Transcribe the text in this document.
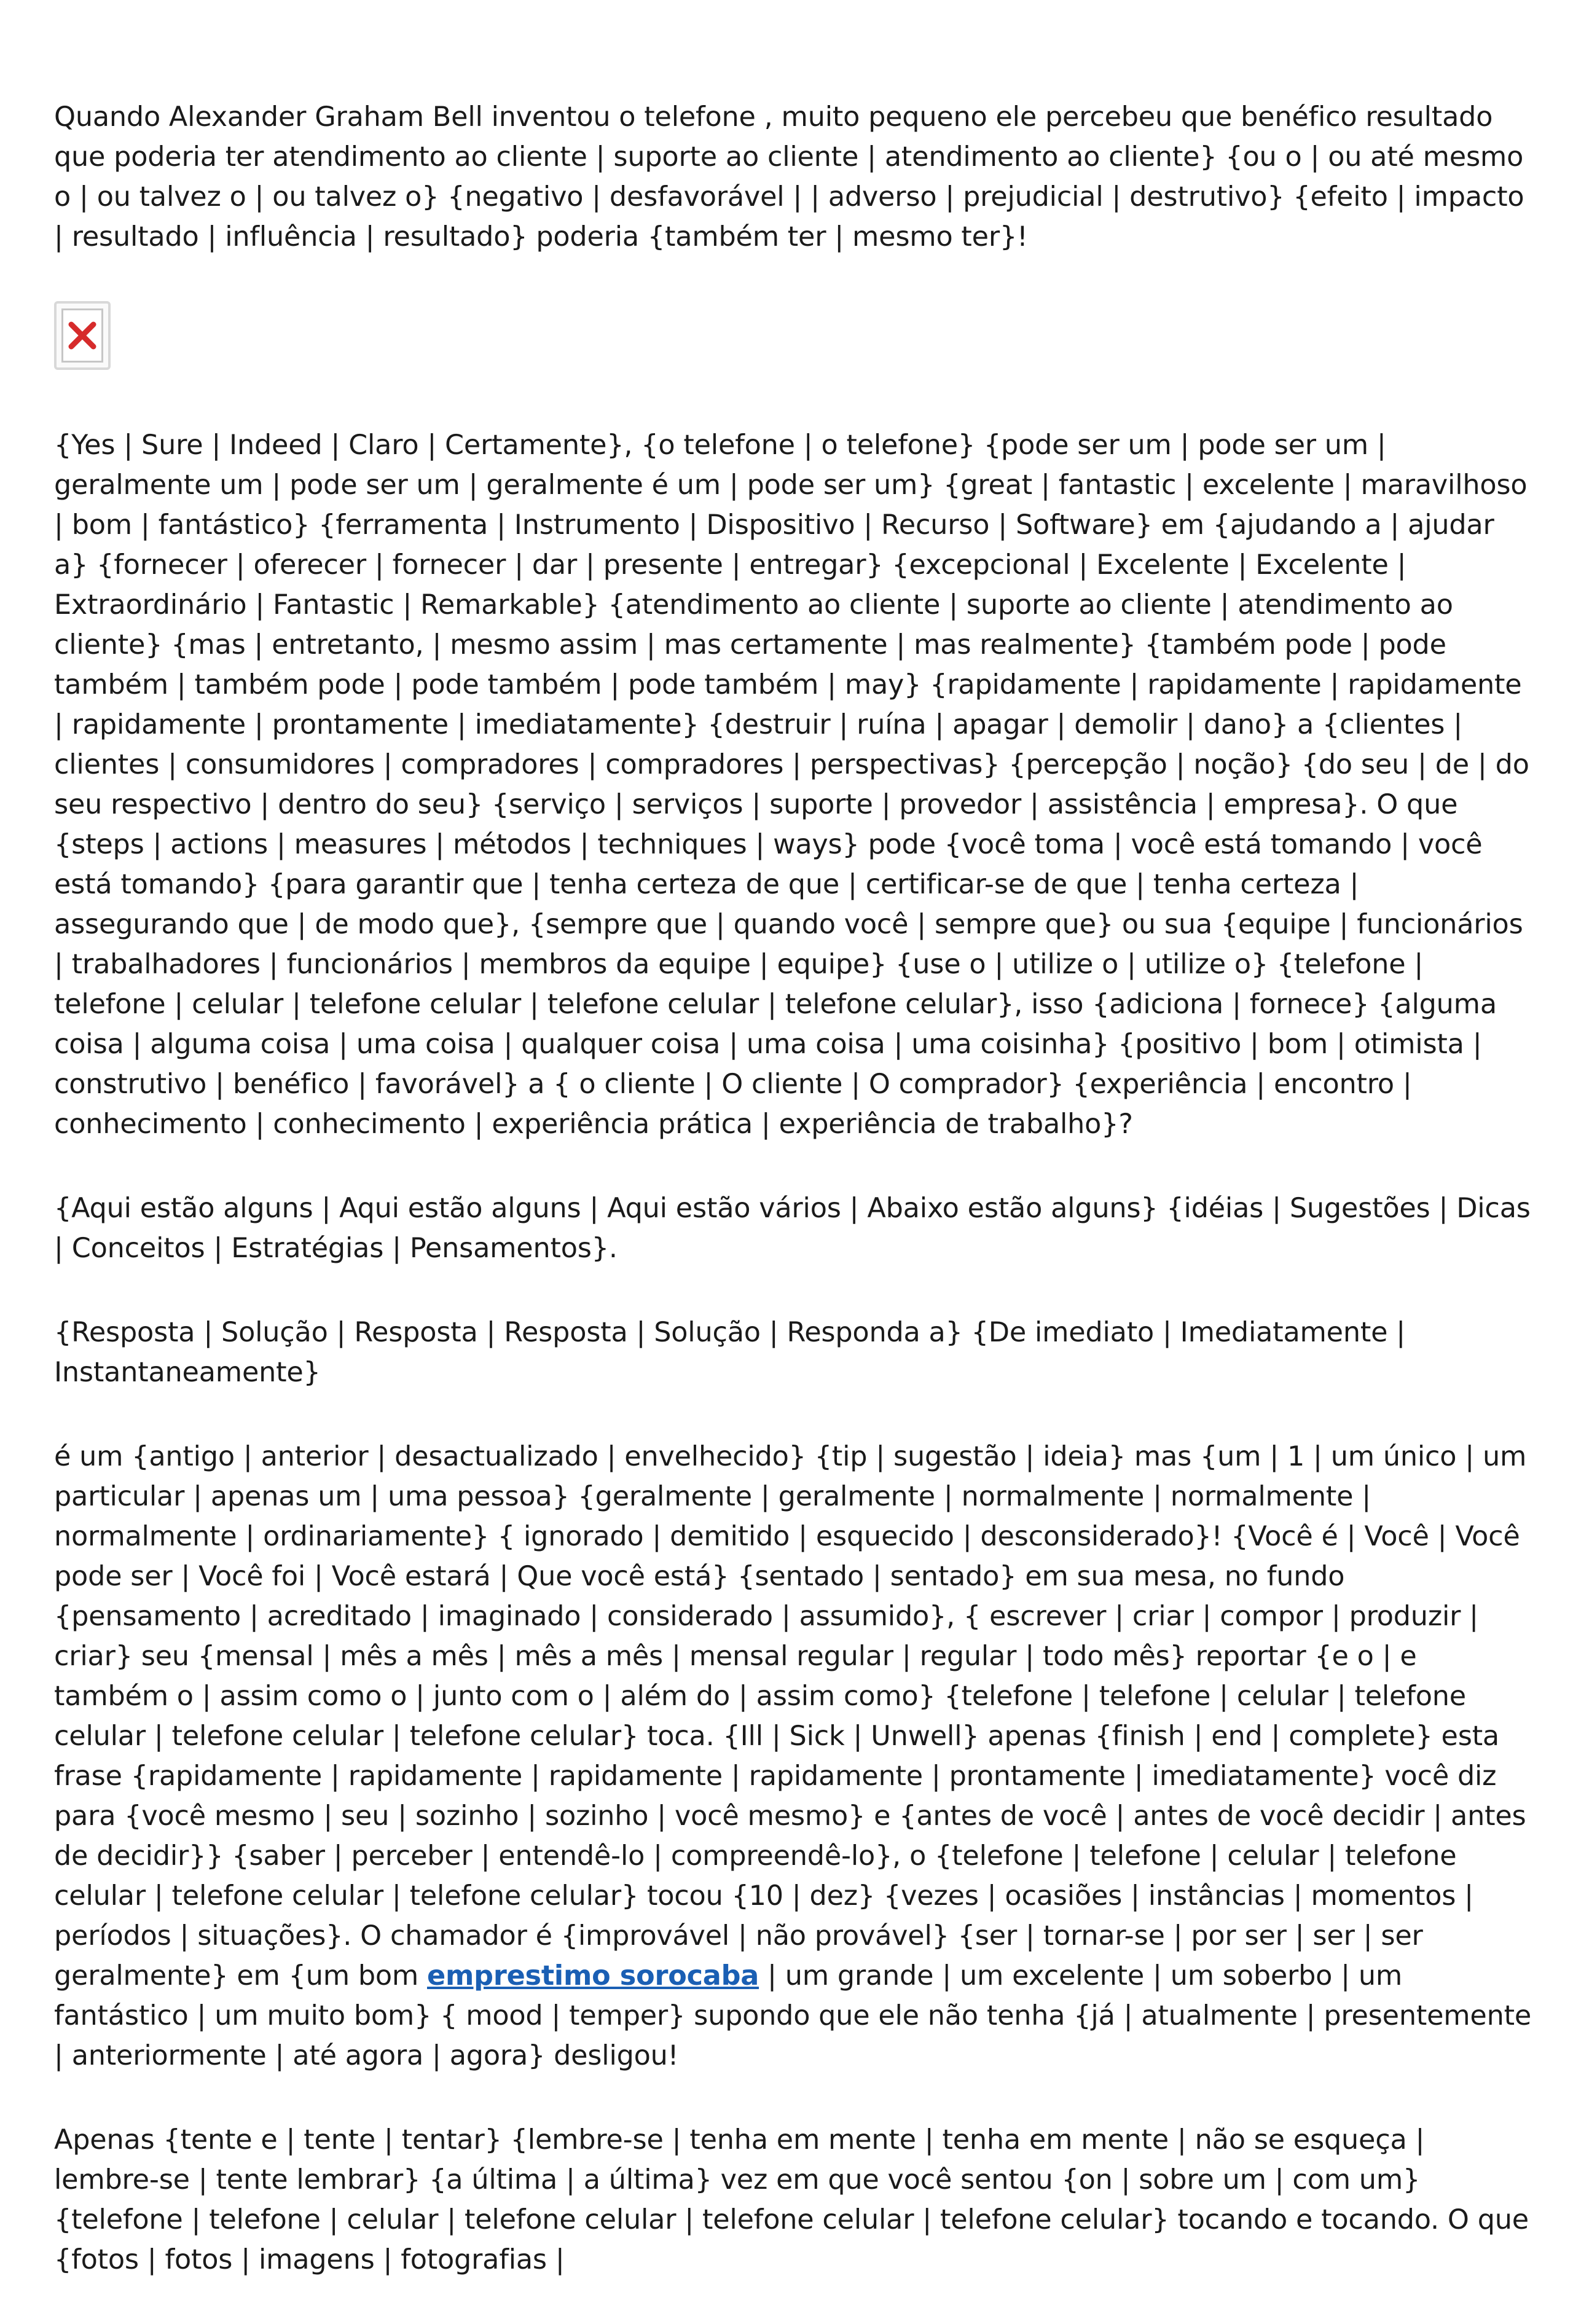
Quando Alexander Graham Bell inventou o telefone , muito pequeno ele percebeu que benéfico resultado que poderia ter atendimento ao cliente | suporte ao cliente | atendimento ao cliente} {ou o | ou até mesmo o | ou talvez o | ou talvez o} {negativo | desfavorável | | adverso | prejudicial | destrutivo} {efeito | impacto | resultado | influência | resultado} poderia {também ter | mesmo ter}!

{Yes | Sure | Indeed | Claro | Certamente}, {o telefone | o telefone} {pode ser um | pode ser um | geralmente um | pode ser um | geralmente é um | pode ser um} {great | fantastic | excelente | maravilhoso | bom | fantástico} {ferramenta | Instrumento | Dispositivo | Recurso | Software} em {ajudando a | ajudar a} {fornecer | oferecer | fornecer | dar | presente | entregar} {excepcional | Excelente | Excelente | Extraordinário | Fantastic | Remarkable} {atendimento ao cliente | suporte ao cliente | atendimento ao cliente} {mas | entretanto, | mesmo assim | mas certamente | mas realmente} {também pode | pode também | também pode | pode também | pode também | may} {rapidamente | rapidamente | rapidamente | rapidamente | prontamente | imediatamente} {destruir | ruína | apagar | demolir | dano} a {clientes | clientes | consumidores | compradores | compradores | perspectivas} {percepção | noção} {do seu | de | do seu respectivo | dentro do seu} {serviço | serviços | suporte | provedor | assistência | empresa}. O que {steps | actions | measures | métodos | techniques | ways} pode {você toma | você está tomando | você está tomando} {para garantir que | tenha certeza de que | certificar-se de que | tenha certeza | assegurando que | de modo que}, {sempre que | quando você | sempre que} ou sua {equipe | funcionários | trabalhadores | funcionários | membros da equipe | equipe} {use o | utilize o | utilize o} {telefone | telefone | celular | telefone celular | telefone celular | telefone celular}, isso {adiciona | fornece} {alguma coisa | alguma coisa | uma coisa | qualquer coisa | uma coisa | uma coisinha} {positivo | bom | otimista | construtivo | benéfico | favorável} a { o cliente | O cliente | O comprador} {experiência | encontro | conhecimento | conhecimento | experiência prática | experiência de trabalho}?

{Aqui estão alguns | Aqui estão alguns | Aqui estão vários | Abaixo estão alguns} {idéias | Sugestões | Dicas | Conceitos | Estratégias | Pensamentos}.

{Resposta | Solução | Resposta | Resposta | Solução | Responda a} {De imediato | Imediatamente | Instantaneamente}

é um {antigo | anterior | desactualizado | envelhecido} {tip | sugestão | ideia} mas {um | 1 | um único | um particular | apenas um | uma pessoa} {geralmente | geralmente | normalmente | normalmente | normalmente | ordinariamente} { ignorado | demitido | esquecido | desconsiderado}! {Você é | Você | Você pode ser | Você foi | Você estará | Que você está} {sentado | sentado} em sua mesa, no fundo {pensamento | acreditado | imaginado | considerado | assumido}, { escrever | criar | compor | produzir | criar} seu {mensal | mês a mês | mês a mês | mensal regular | regular | todo mês} reportar {e o | e também o | assim como o | junto com o | além do | assim como} {telefone | telefone | celular | telefone celular | telefone celular | telefone celular} toca. {Ill | Sick | Unwell} apenas {finish | end | complete} esta frase {rapidamente | rapidamente | rapidamente | rapidamente | prontamente | imediatamente} você diz para {você mesmo | seu | sozinho | sozinho | você mesmo} e {antes de você | antes de você decidir | antes de decidir}} {saber | perceber | entendê-lo | compreendê-lo}, o {telefone | telefone | celular | telefone celular | telefone celular | telefone celular} tocou {10 | dez} {vezes | ocasiões | instâncias | momentos | períodos | situações}. O chamador é {improvável | não provável} {ser | tornar-se | por ser | ser | ser geralmente} em {um bom emprestimo sorocaba | um grande | um excelente | um soberbo | um fantástico | um muito bom} { mood | temper} supondo que ele não tenha {já | atualmente | presentemente | anteriormente | até agora | agora} desligou!

Apenas {tente e | tente | tentar} {lembre-se | tenha em mente | tenha em mente | não se esqueça | lembre-se | tente lembrar} {a última | a última} vez em que você sentou {on | sobre um | com um} {telefone | telefone | celular | telefone celular | telefone celular | telefone celular} tocando e tocando. O que {fotos | fotos | imagens | fotografias |
